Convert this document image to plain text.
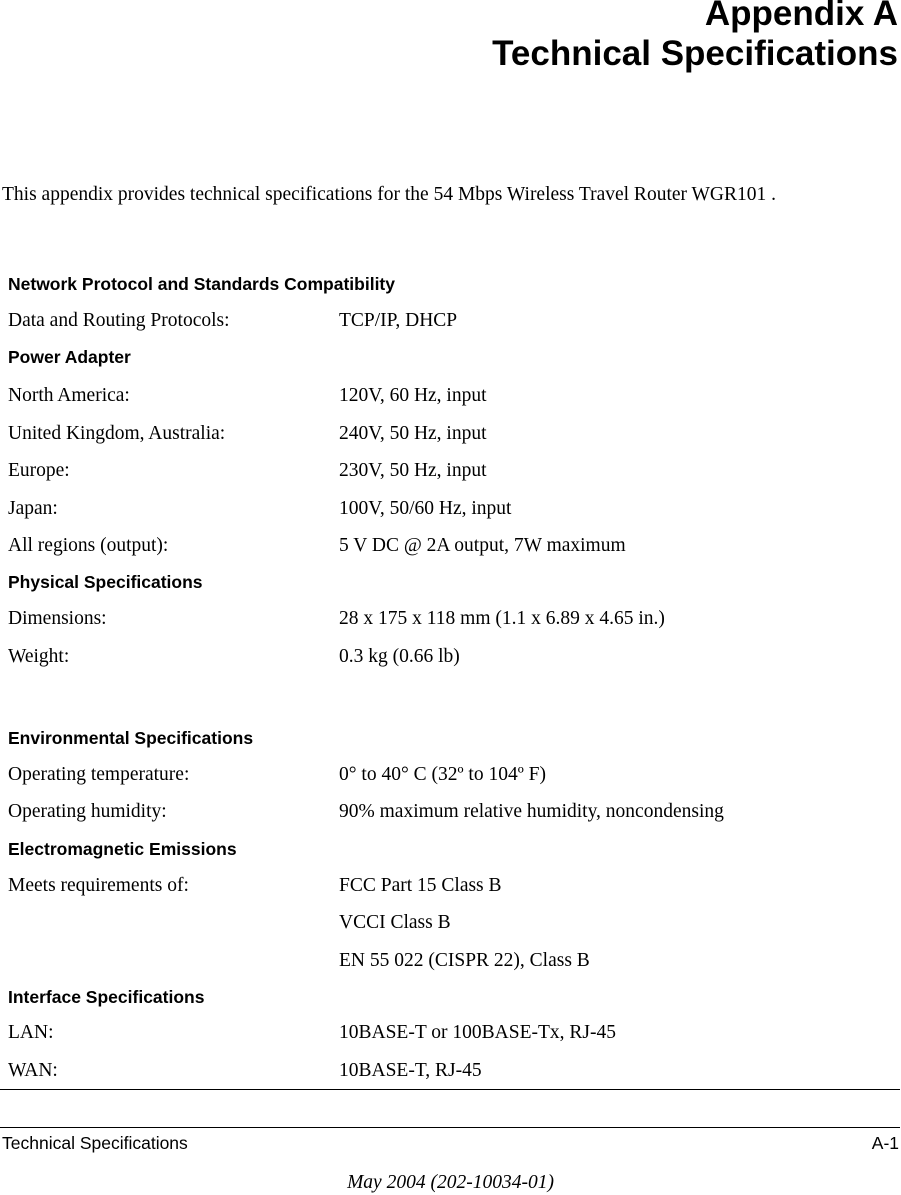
Appendix A
Technical Specifications
This appendix provides technical specifications for the 54 Mbps Wireless Travel Router WGR101 .
Network Protocol and Standards Compatibility
Data and Routing Protocols:	TCP/IP, DHCP
Power Adapter
North America:	120V, 60 Hz, input
United Kingdom, Australia:	240V, 50 Hz, input
Europe:	230V, 50 Hz, input
Japan:	100V, 50/60 Hz, input
All regions (output):	5 V DC @ 2A output, 7W maximum
Physical Specifications
Dimensions:	28 x 175 x 118 mm (1.1 x 6.89 x 4.65 in.)
Weight:	0.3 kg (0.66 lb)
Environmental Specifications
Operating temperature:	0° to 40° C (32º to 104º F)
Operating humidity:	90% maximum relative humidity, noncondensing
Electromagnetic Emissions
Meets requirements of:	FCC Part 15 Class B
VCCI Class B
EN 55 022 (CISPR 22), Class B
Interface Specifications
LAN:	10BASE-T or 100BASE-Tx, RJ-45
WAN:	10BASE-T, RJ-45
Technical Specifications	A-1
May 2004 (202-10034-01)
